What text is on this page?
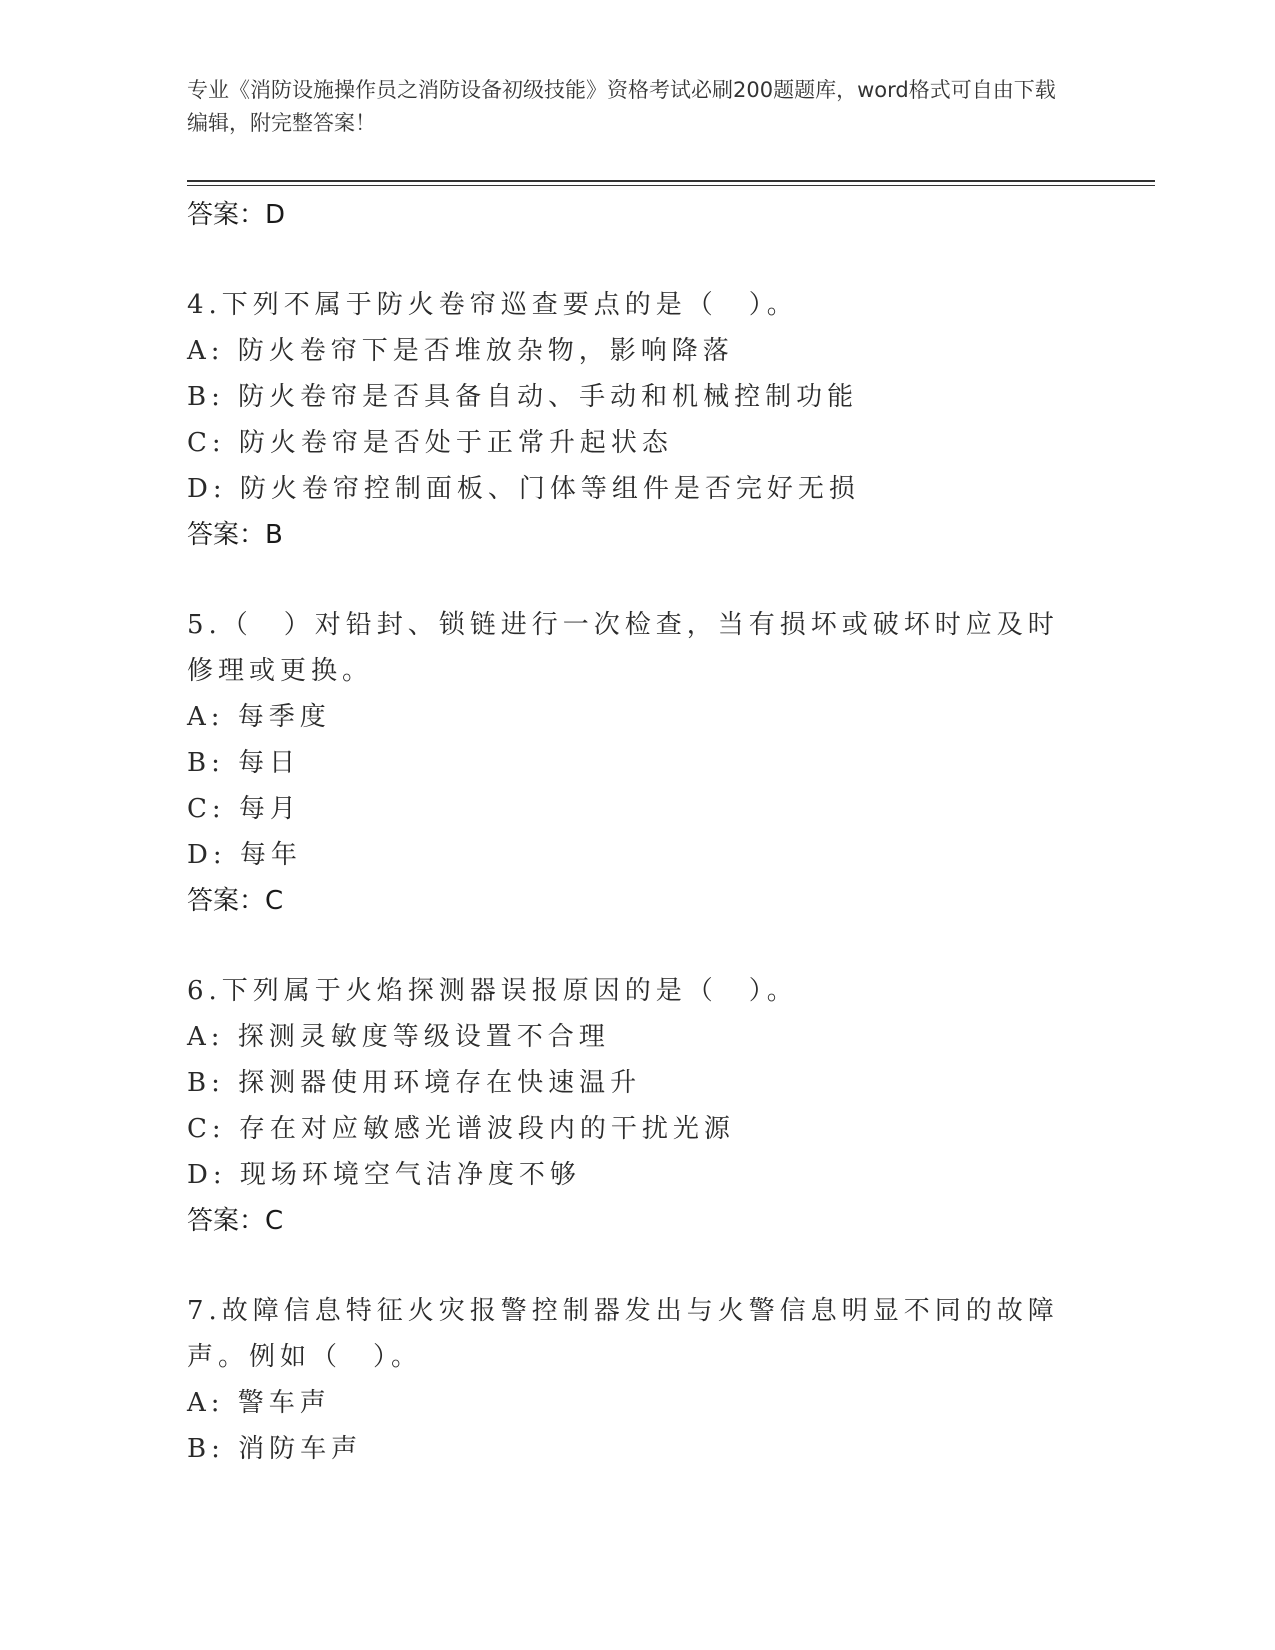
专业《消防设施操作员之消防设备初级技能》资格考试必刷200题题库，word格式可自由下载编辑，附完整答案！
答案：D
4.下列不属于防火卷帘巡查要点的是（　）。
A: 防火卷帘下是否堆放杂物，影响降落
B: 防火卷帘是否具备自动、手动和机械控制功能
C: 防火卷帘是否处于正常升起状态
D: 防火卷帘控制面板、门体等组件是否完好无损
答案：B
5.（　）对铅封、锁链进行一次检查，当有损坏或破坏时应及时修理或更换。
A: 每季度
B: 每日
C: 每月
D: 每年
答案：C
6.下列属于火焰探测器误报原因的是（　）。
A: 探测灵敏度等级设置不合理
B: 探测器使用环境存在快速温升
C: 存在对应敏感光谱波段内的干扰光源
D: 现场环境空气洁净度不够
答案：C
7.故障信息特征火灾报警控制器发出与火警信息明显不同的故障声。例如（　）。
A: 警车声
B: 消防车声
